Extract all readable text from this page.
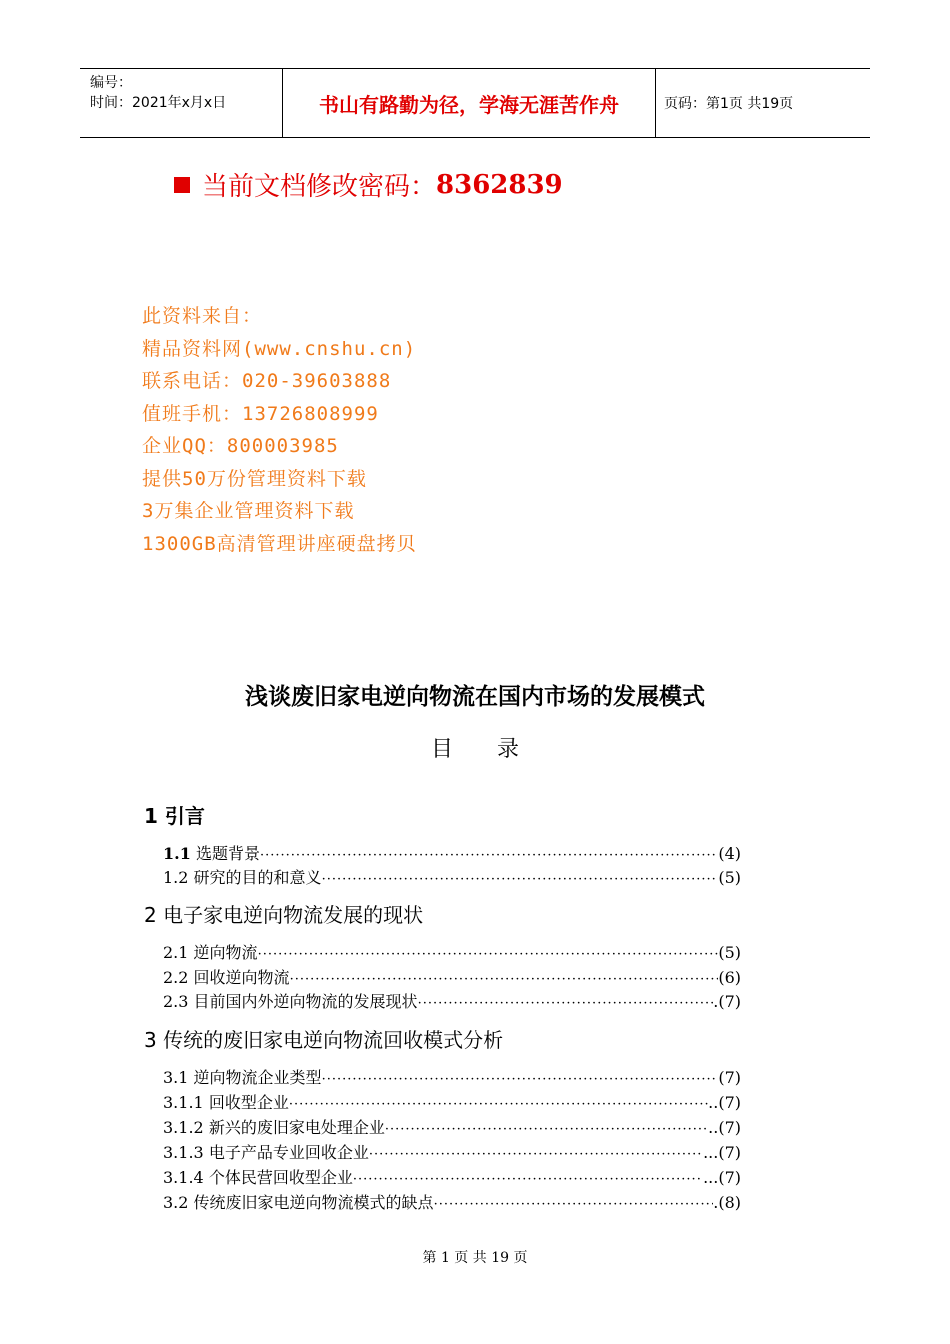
编号：
时间：2021年x月x日	书山有路勤为径，学海无涯苦作舟	页码：第1页 共19页
当前文档修改密码： 8362839
此资料来自：
精品资料网(www.cnshu.cn)
联系电话：020-39603888
值班手机：13726808999
企业QQ：800003985
提供50万份管理资料下载
3万集企业管理资料下载
1300GB高清管理讲座硬盘拷贝
浅谈废旧家电逆向物流在国内市场的发展模式
目 录
1 引言
1.1 选题背景 ·····	(4)
1.2 研究的目的和意义 ·····	(5)
2 电子家电逆向物流发展的现状
2.1 逆向物流 ·····	(5)
2.2 回收逆向物流 ·····	(6)
2.3 目前国内外逆向物流的发展现状 ·····	.(7)
3 传统的废旧家电逆向物流回收模式分析
3.1 逆向物流企业类型 ·····	(7)
3.1.1 回收型企业 ·····	..(7)
3.1.2 新兴的废旧家电处理企业 ·····	..(7)
3.1.3 电子产品专业回收企业 ·····	...(7)
3.1.4 个体民营回收型企业 ·····	...(7)
3.2 传统废旧家电逆向物流模式的缺点 ·····	.(8)
第 1 页 共 19 页
